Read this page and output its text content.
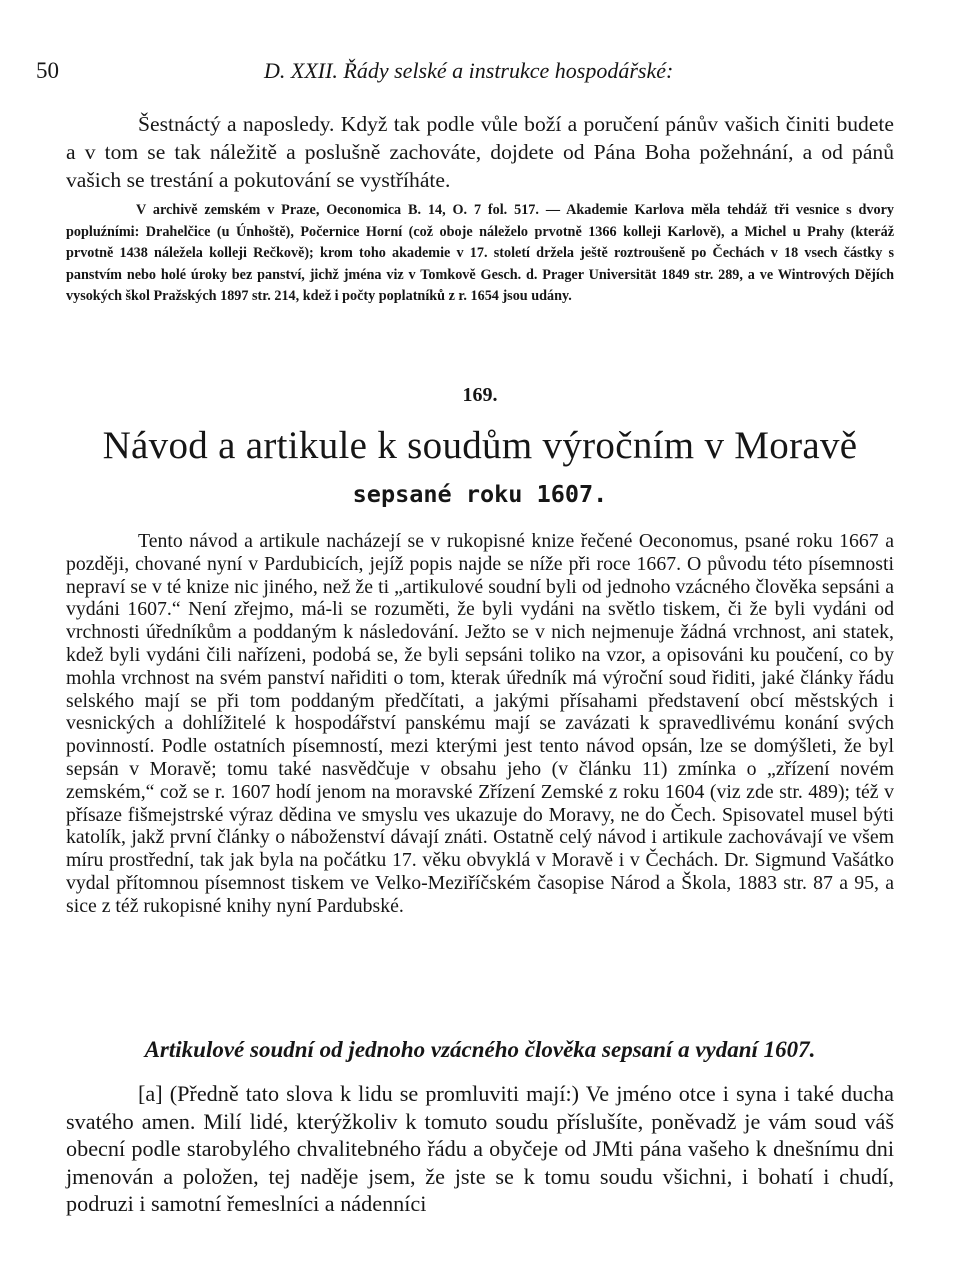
50	D. XXII. Řády selské a instrukce hospodářské:

Šestnáctý a naposledy. Když tak podle vůle boží a poručení pánův vašich činiti budete a v tom se tak náležitě a poslušně zachováte, dojdete od Pána Boha požehnání, a od pánů vašich se trestání a pokutování se vystříháte.

V archivě zemském v Praze, Oeconomica B. 14, O. 7 fol. 517. — Akademie Karlova měla tehdáž tři vesnice s dvory popluźními: Drahelčice (u Únhoště), Počernice Horní (což oboje náleželo prvotně 1366 kolleji Karlově), a Michel u Prahy (kteráž prvotně 1438 náležela kolleji Rečkově); krom toho akademie v 17. století držela ještě roztroušeně po Čechách v 18 vsech částky s panstvím nebo holé úroky bez panství, jichž jména viz v Tomkově Gesch. d. Prager Universität 1849 str. 289, a ve Wintrových Dějích vysokých škol Pražských 1897 str. 214, kdež i počty poplatníků z r. 1654 jsou udány.

169.
Návod a artikule k soudům výročním v Moravě
sepsané roku 1607.

Tento návod a artikule nacházejí se v rukopisné knize řečené Oeconomus, psané roku 1667 a později, chované nyní v Pardubicích, jejíž popis najde se níže při roce 1667. O původu této písemnosti nepraví se v té knize nic jiného, než že ti „artikulové soudní byli od jednoho vzácného člověka sepsáni a vydáni 1607.“ Není zřejmo, má-li se rozuměti, že byli vydáni na světlo tiskem, či že byli vydáni od vrchnosti úředníkům a poddaným k následování. Ježto se v nich nejmenuje žádná vrchnost, ani statek, kdež byli vydáni čili nařízeni, podobá se, že byli sepsáni toliko na vzor, a opisováni ku poučení, co by mohla vrchnost na svém panství nařiditi o tom, kterak úředník má výroční soud řiditi, jaké články řádu selského mají se při tom poddaným předčítati, a jakými přísahami představení obcí městských i vesnických a dohlížitelé k hospodářství panskému mají se zavázati k spravedlivému konání svých povinností. Podle ostatních písemností, mezi kterými jest tento návod opsán, lze se domýšleti, že byl sepsán v Moravě; tomu také nasvědčuje v obsahu jeho (v článku 11) zmínka o „zřízení novém zemském,“ což se r. 1607 hodí jenom na moravské Zřízení Zemské z roku 1604 (viz zde str. 489); též v přísaze fišmejstrské výraz dědina ve smyslu ves ukazuje do Moravy, ne do Čech. Spisovatel musel býti katolík, jakž první články o náboženství dávají znáti. Ostatně celý návod i artikule zachovávají ve všem míru prostřední, tak jak byla na počátku 17. věku obvyklá v Moravě i v Čechách. Dr. Sigmund Vašátko vydal přítomnou písemnost tiskem ve Velko-Meziříčském časopise Národ a Škola, 1883 str. 87 a 95, a sice z též rukopisné knihy nyní Pardubské.

Artikulové soudní od jednoho vzácného člověka sepsaní a vydaní 1607.

[a] (Předně tato slova k lidu se promluviti mají:) Ve jméno otce i syna i také ducha svatého amen. Milí lidé, kterýžkoliv k tomuto soudu příslušíte, poněvadž je vám soud váš obecní podle starobylého chvalitebného řádu a obyčeje od JMti pána vašeho k dnešnímu dni jmenován a položen, tej naděje jsem, že jste se k tomu soudu všichni, i bohatí i chudí, podruzi i samotní řemeslníci a nádenníci
